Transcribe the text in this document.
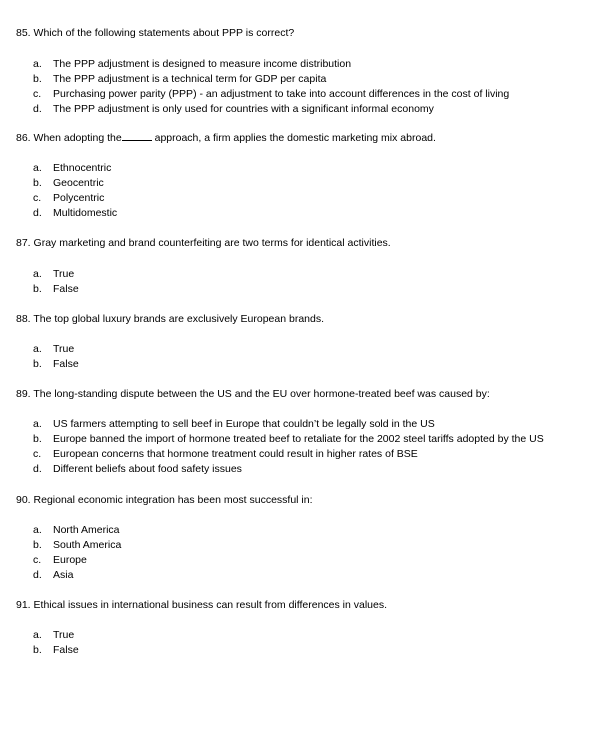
85. Which of the following statements about PPP is correct?
a. The PPP adjustment is designed to measure income distribution
b. The PPP adjustment is a technical term for GDP per capita
c. Purchasing power parity (PPP) - an adjustment to take into account differences in the cost of living
d. The PPP adjustment is only used for countries with a significant informal economy
86. When adopting the	approach, a firm applies the domestic marketing mix abroad.
a. Ethnocentric
b. Geocentric
c. Polycentric
d. Multidomestic
87. Gray marketing and brand counterfeiting are two terms for identical activities.
a. True
b. False
88. The top global luxury brands are exclusively European brands.
a. True
b. False
89. The long-standing dispute between the US and the EU over hormone-treated beef was caused by:
a. US farmers attempting to sell beef in Europe that couldn’t be legally sold in the US
b. Europe banned the import of hormone treated beef to retaliate for the 2002 steel tariffs adopted by the US
c. European concerns that hormone treatment could result in higher rates of BSE
d. Different beliefs about food safety issues
90. Regional economic integration has been most successful in:
a. North America
b. South America
c. Europe
d. Asia
91. Ethical issues in international business can result from differences in values.
a. True
b. False
